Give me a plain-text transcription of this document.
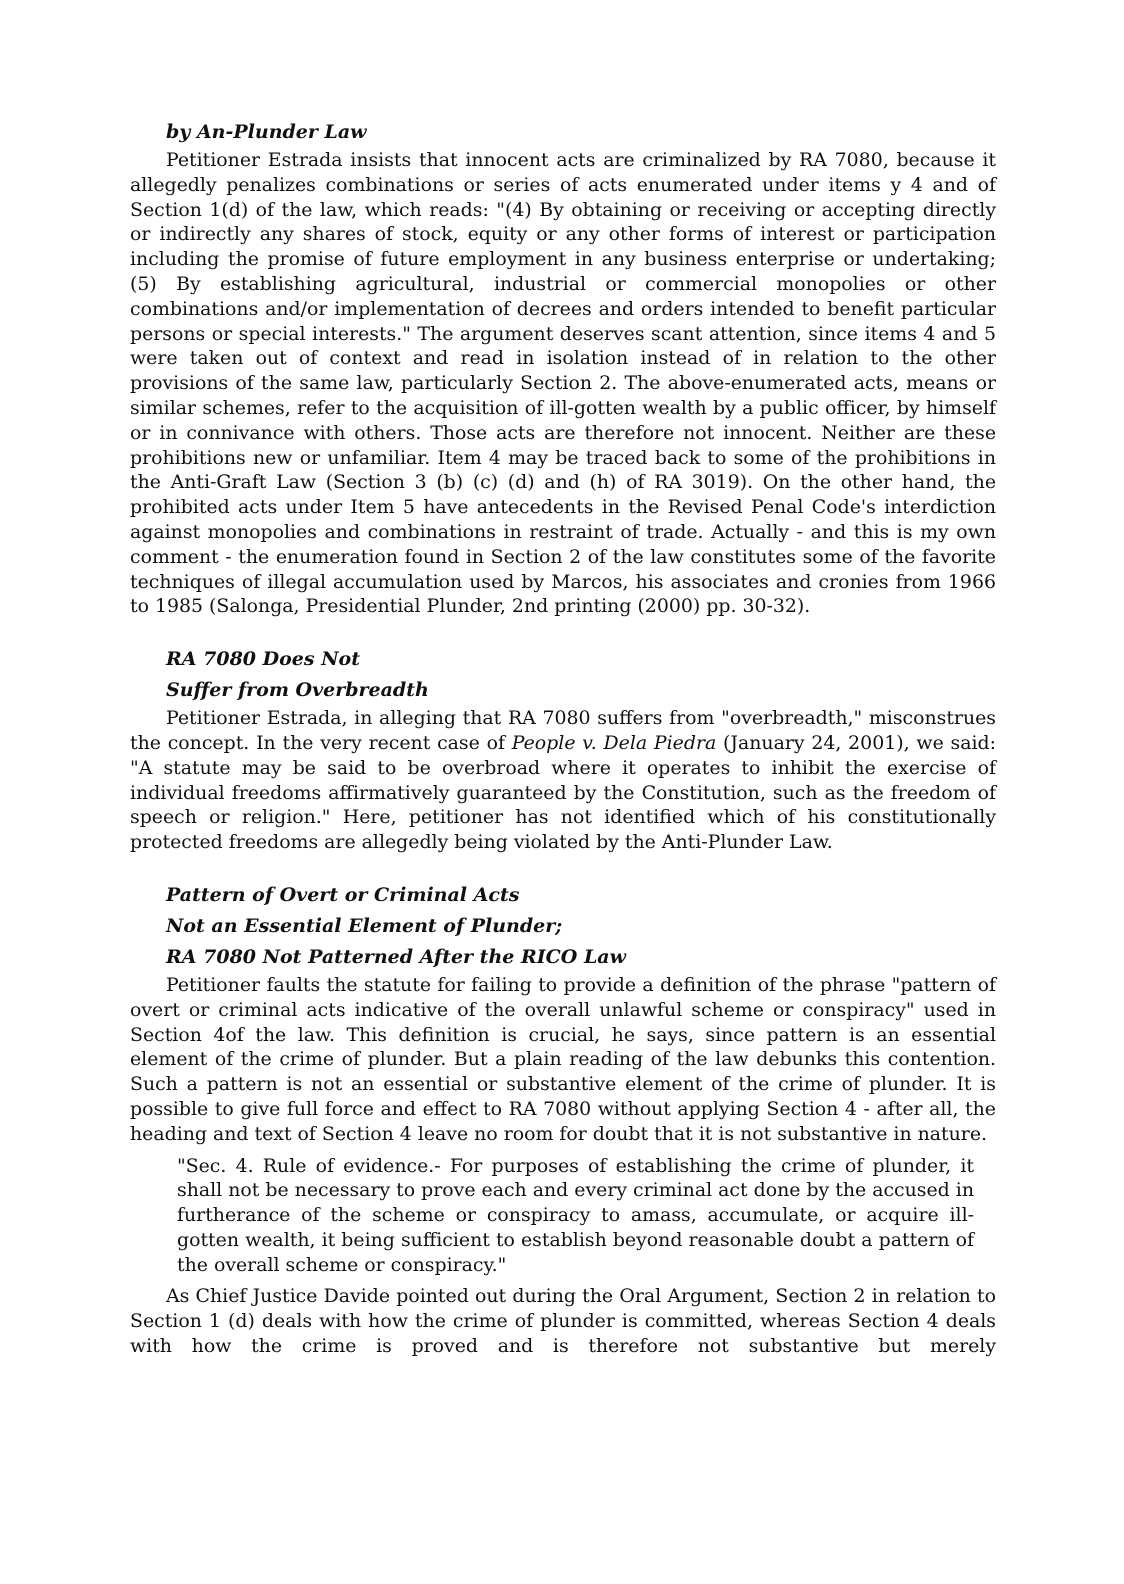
by An-Plunder Law

Petitioner Estrada insists that innocent acts are criminalized by RA 7080, because it allegedly penalizes combinations or series of acts enumerated under items y 4 and of Section 1(d) of the law, which reads: "(4) By obtaining or receiving or accepting directly or indirectly any shares of stock, equity or any other forms of interest or participation including the promise of future employment in any business enterprise or undertaking; (5) By establishing agricultural, industrial or commercial monopolies or other combinations and/or implementation of decrees and orders intended to benefit particular persons or special interests." The argument deserves scant attention, since items 4 and 5 were taken out of context and read in isolation instead of in relation to the other provisions of the same law, particularly Section 2. The above-enumerated acts, means or similar schemes, refer to the acquisition of ill-gotten wealth by a public officer, by himself or in connivance with others. Those acts are therefore not innocent. Neither are these prohibitions new or unfamiliar. Item 4 may be traced back to some of the prohibitions in the Anti-Graft Law (Section 3 (b) (c) (d) and (h) of RA 3019). On the other hand, the prohibited acts under Item 5 have antecedents in the Revised Penal Code's interdiction against monopolies and combinations in restraint of trade. Actually - and this is my own comment - the enumeration found in Section 2 of the law constitutes some of the favorite techniques of illegal accumulation used by Marcos, his associates and cronies from 1966 to 1985 (Salonga, Presidential Plunder, 2nd printing (2000) pp. 30-32).

RA 7080 Does Not

Suffer from Overbreadth

Petitioner Estrada, in alleging that RA 7080 suffers from "overbreadth," misconstrues the concept. In the very recent case of People v. Dela Piedra (January 24, 2001), we said: "A statute may be said to be overbroad where it operates to inhibit the exercise of individual freedoms affirmatively guaranteed by the Constitution, such as the freedom of speech or religion." Here, petitioner has not identified which of his constitutionally protected freedoms are allegedly being violated by the Anti-Plunder Law.

Pattern of Overt or Criminal Acts

Not an Essential Element of Plunder;

RA 7080 Not Patterned After the RICO Law

Petitioner faults the statute for failing to provide a definition of the phrase "pattern of overt or criminal acts indicative of the overall unlawful scheme or conspiracy" used in Section 4of the law. This definition is crucial, he says, since pattern is an essential element of the crime of plunder. But a plain reading of the law debunks this contention. Such a pattern is not an essential or substantive element of the crime of plunder. It is possible to give full force and effect to RA 7080 without applying Section 4 - after all, the heading and text of Section 4 leave no room for doubt that it is not substantive in nature.

"Sec. 4. Rule of evidence.- For purposes of establishing the crime of plunder, it shall not be necessary to prove each and every criminal act done by the accused in furtherance of the scheme or conspiracy to amass, accumulate, or acquire ill-gotten wealth, it being sufficient to establish beyond reasonable doubt a pattern of the overall scheme or conspiracy."

As Chief Justice Davide pointed out during the Oral Argument, Section 2 in relation to Section 1 (d) deals with how the crime of plunder is committed, whereas Section 4 deals with how the crime is proved and is therefore not substantive but merely
